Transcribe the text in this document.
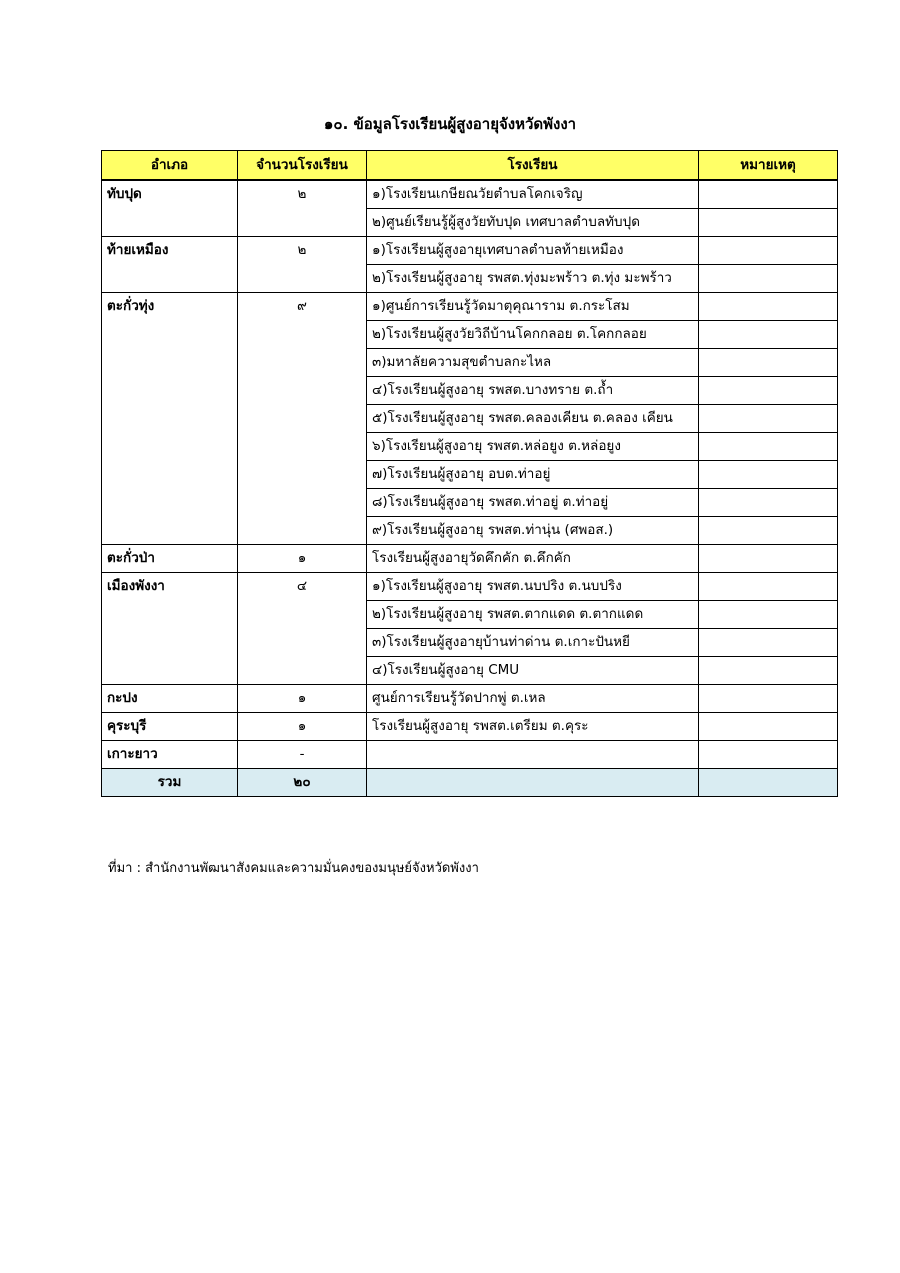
๑๐. ข้อมูลโรงเรียนผู้สูงอายุจังหวัดพังงา
อำเภอ	จำนวนโรงเรียน	โรงเรียน	หมายเหตุ
ทับปุด	๒	๑)โรงเรียนเกษียณวัยตำบลโคกเจริญ	
		๒)ศูนย์เรียนรู้ผู้สูงวัยทับปุด เทศบาลตำบลทับปุด	
ท้ายเหมือง	๒	๑)โรงเรียนผู้สูงอายุเทศบาลตำบลท้ายเหมือง	
		๒)โรงเรียนผู้สูงอายุ รพสต.ทุ่งมะพร้าว ต.ทุ่ง มะพร้าว	
ตะกั่วทุ่ง	๙	๑)ศูนย์การเรียนรู้วัดมาตุคุณาราม ต.กระโสม	
		๒)โรงเรียนผู้สูงวัยวิถีบ้านโคกกลอย ต.โคกกลอย	
		๓)มหาลัยความสุขตำบลกะไหล	
		๔)โรงเรียนผู้สูงอายุ รพสต.บางทราย ต.ถ้ำ	
		๕)โรงเรียนผู้สูงอายุ รพสต.คลองเคียน ต.คลอง เคียน	
		๖)โรงเรียนผู้สูงอายุ รพสต.หล่อยูง ต.หล่อยูง	
		๗)โรงเรียนผู้สูงอายุ อบต.ท่าอยู่	
		๘)โรงเรียนผู้สูงอายุ รพสต.ท่าอยู่ ต.ท่าอยู่	
		๙)โรงเรียนผู้สูงอายุ รพสต.ท่านุ่น (ศพอส.)	
ตะกั่วป่า	๑	โรงเรียนผู้สูงอายุวัดคึกคัก ต.คึกคัก	
เมืองพังงา	๔	๑)โรงเรียนผู้สูงอายุ รพสต.นบปริง ต.นบปริง	
		๒)โรงเรียนผู้สูงอายุ รพสต.ตากแดด ต.ตากแดด	
		๓)โรงเรียนผู้สูงอายุบ้านท่าด่าน ต.เกาะปันหยี	
		๔)โรงเรียนผู้สูงอายุ CMU	
กะปง	๑	ศูนย์การเรียนรู้วัดปากพู่ ต.เหล	
คุระบุรี	๑	โรงเรียนผู้สูงอายุ รพสต.เตรียม ต.คุระ	
เกาะยาว	-		
รวม	๒๐		
ที่มา : สำนักงานพัฒนาสังคมและความมั่นคงของมนุษย์จังหวัดพังงา
